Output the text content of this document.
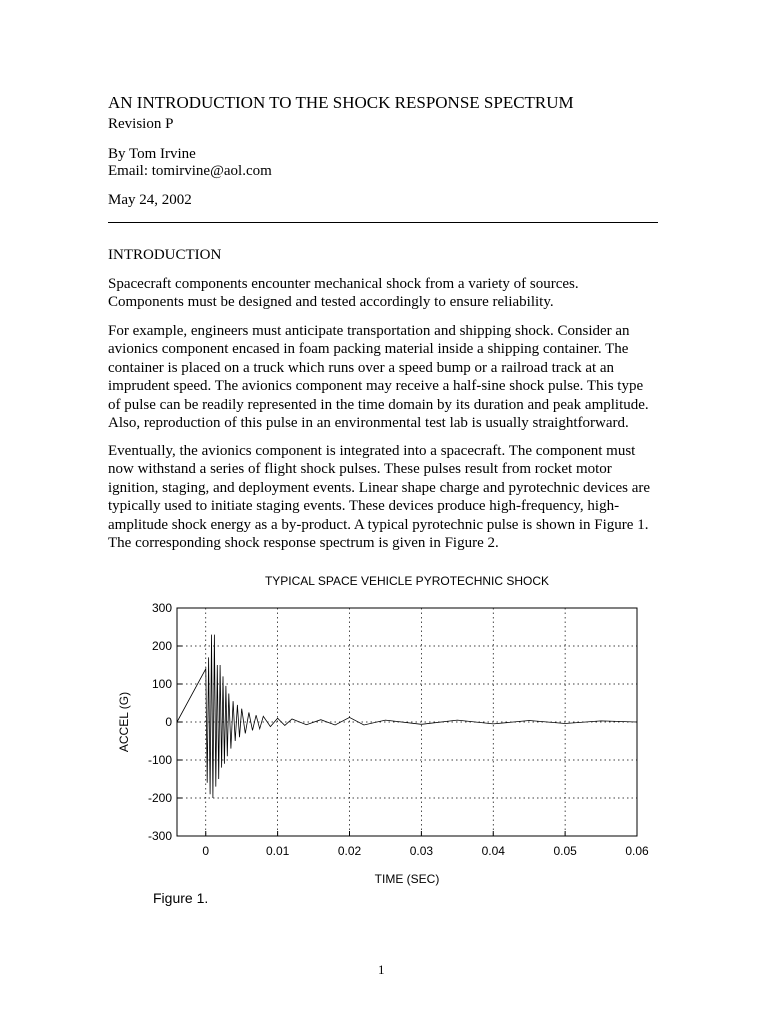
AN INTRODUCTION TO THE SHOCK RESPONSE SPECTRUM
Revision P
By Tom Irvine
Email: tomirvine@aol.com
May 24, 2002
INTRODUCTION
Spacecraft components encounter mechanical shock from a variety of sources.
Components must be designed and tested accordingly to ensure reliability.
For example, engineers must anticipate transportation and shipping shock. Consider an
avionics component encased in foam packing material inside a shipping container. The
container is placed on a truck which runs over a speed bump or a railroad track at an
imprudent speed. The avionics component may receive a half-sine shock pulse. This type
of pulse can be readily represented in the time domain by its duration and peak amplitude.
Also, reproduction of this pulse in an environmental test lab is usually straightforward.
Eventually, the avionics component is integrated into a spacecraft. The component must
now withstand a series of flight shock pulses. These pulses result from rocket motor
ignition, staging, and deployment events. Linear shape charge and pyrotechnic devices are
typically used to initiate staging events. These devices produce high-frequency, high-
amplitude shock energy as a by-product. A typical pyrotechnic pulse is shown in Figure 1.
The corresponding shock response spectrum is given in Figure 2.
TYPICAL SPACE VEHICLE PYROTECHNIC SHOCK
300
200
100
0
-100
-200
-300
0	0.01	0.02	0.03	0.04	0.05	0.06
TIME (SEC)
ACCEL (G)
Figure 1.
1
